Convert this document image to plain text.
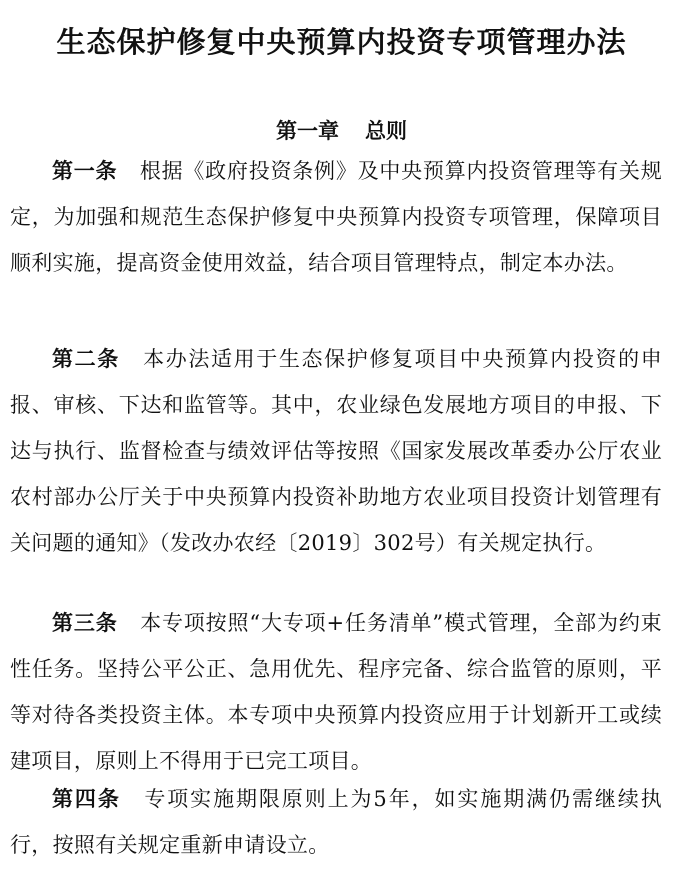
生态保护修复中央预算内投资专项管理办法
第一章 总则

第一条 根据《政府投资条例》及中央预算内投资管理等有关规定，为加强和规范生态保护修复中央预算内投资专项管理，保障项目顺利实施，提高资金使用效益，结合项目管理特点，制定本办法。

第二条 本办法适用于生态保护修复项目中央预算内投资的申报、审核、下达和监管等。其中，农业绿色发展地方项目的申报、下达与执行、监督检查与绩效评估等按照《国家发展改革委办公厅农业农村部办公厅关于中央预算内投资补助地方农业项目投资计划管理有关问题的通知》（发改办农经〔2019〕302号）有关规定执行。

第三条 本专项按照“大专项+任务清单”模式管理，全部为约束性任务。坚持公平公正、急用优先、程序完备、综合监管的原则，平等对待各类投资主体。本专项中央预算内投资应用于计划新开工或续建项目，原则上不得用于已完工项目。

第四条 专项实施期限原则上为5年，如实施期满仍需继续执行，按照有关规定重新申请设立。
